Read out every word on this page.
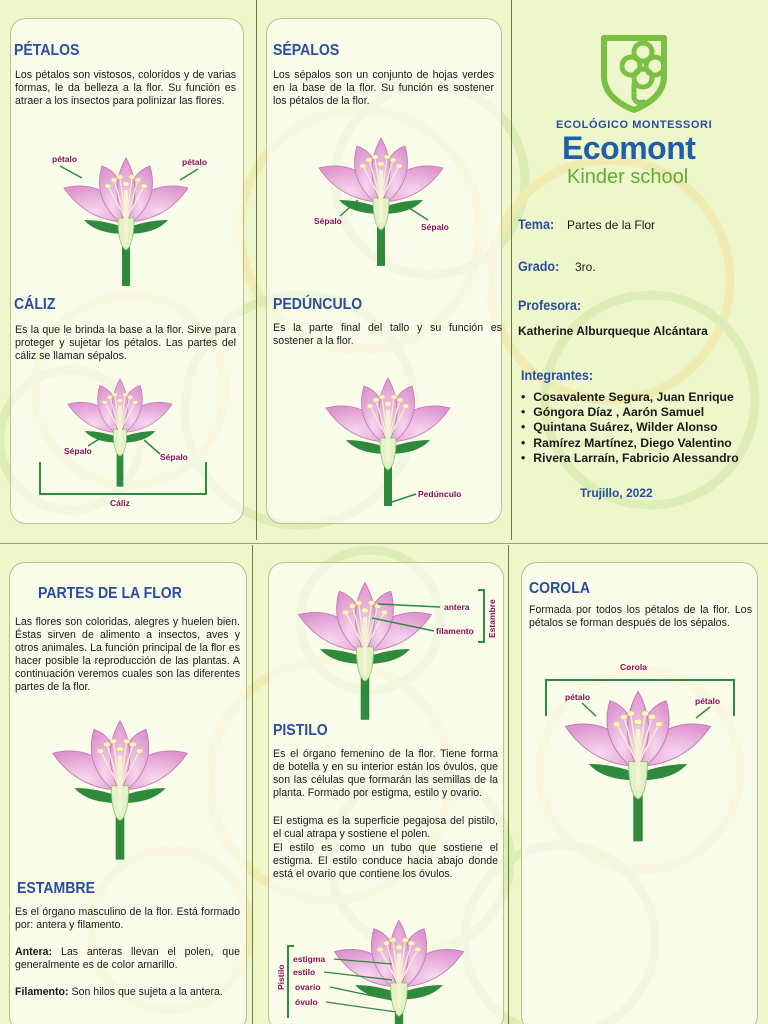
PÉTALOS
Los pétalos son vistosos, coloridos y de varias formas, le da belleza a la flor. Su función es atraer a los insectos para polinizar las flores.
pétalo	pétalo
CÁLIZ
Es la que le brinda la base a la flor. Sirve para proteger y sujetar los pétalos. Las partes del cáliz se llaman sépalos.
Sépalo
Sépalo
Cáliz
SÉPALOS
Los sépalos son un conjunto de hojas verdes en la base de la flor. Su función es sostener los pétalos de la flor.
Sépalo
Sépalo
PEDÚNCULO
Es la parte final del tallo y su función es sostener a la flor.
Pedúnculo
ECOLÓGICO MONTESSORI
Ecomont
Kinder school
Tema: Partes de la Flor
Grado: 3ro.
Profesora:
Katherine Alburqueque Alcántara
Integrantes:
• Cosavalente Segura, Juan Enrique
• Góngora Díaz , Aarón Samuel
• Quintana Suárez, Wilder Alonso
• Ramírez Martínez, Diego Valentino
• Rivera Larraín, Fabricio Alessandro
Trujillo, 2022
PARTES DE LA FLOR
Las flores son coloridas, alegres y huelen bien. Éstas sirven de alimento a insectos, aves y otros animales. La función principal de la flor es hacer posible la reproducción de las plantas. A continuación veremos cuales son las diferentes partes de la flor.
ESTAMBRE
Es el órgano masculino de la flor. Está formado por: antera y filamento.
Antera: Las anteras llevan el polen, que generalmente es de color amarillo.
Filamento: Son hilos que sujeta a la antera.
antera
filamento Estambre
PISTILO
Es el órgano femenino de la flor. Tiene forma de botella y en su interior están los óvulos, que son las células que formarán las semillas de la planta. Formado por estigma, estilo y ovario.
El estigma es la superficie pegajosa del pistilo, el cual atrapa y sostiene el polen.
El estilo es como un tubo que sostiene el estigma. El estilo conduce hacia abajo donde está el ovario que contiene los óvulos.
estigma
estilo
ovario
óvulo
Pistilo
COROLA
Formada por todos los pétalos de la flor. Los pétalos se forman después de los sépalos.
Corola
pétalo	pétalo
